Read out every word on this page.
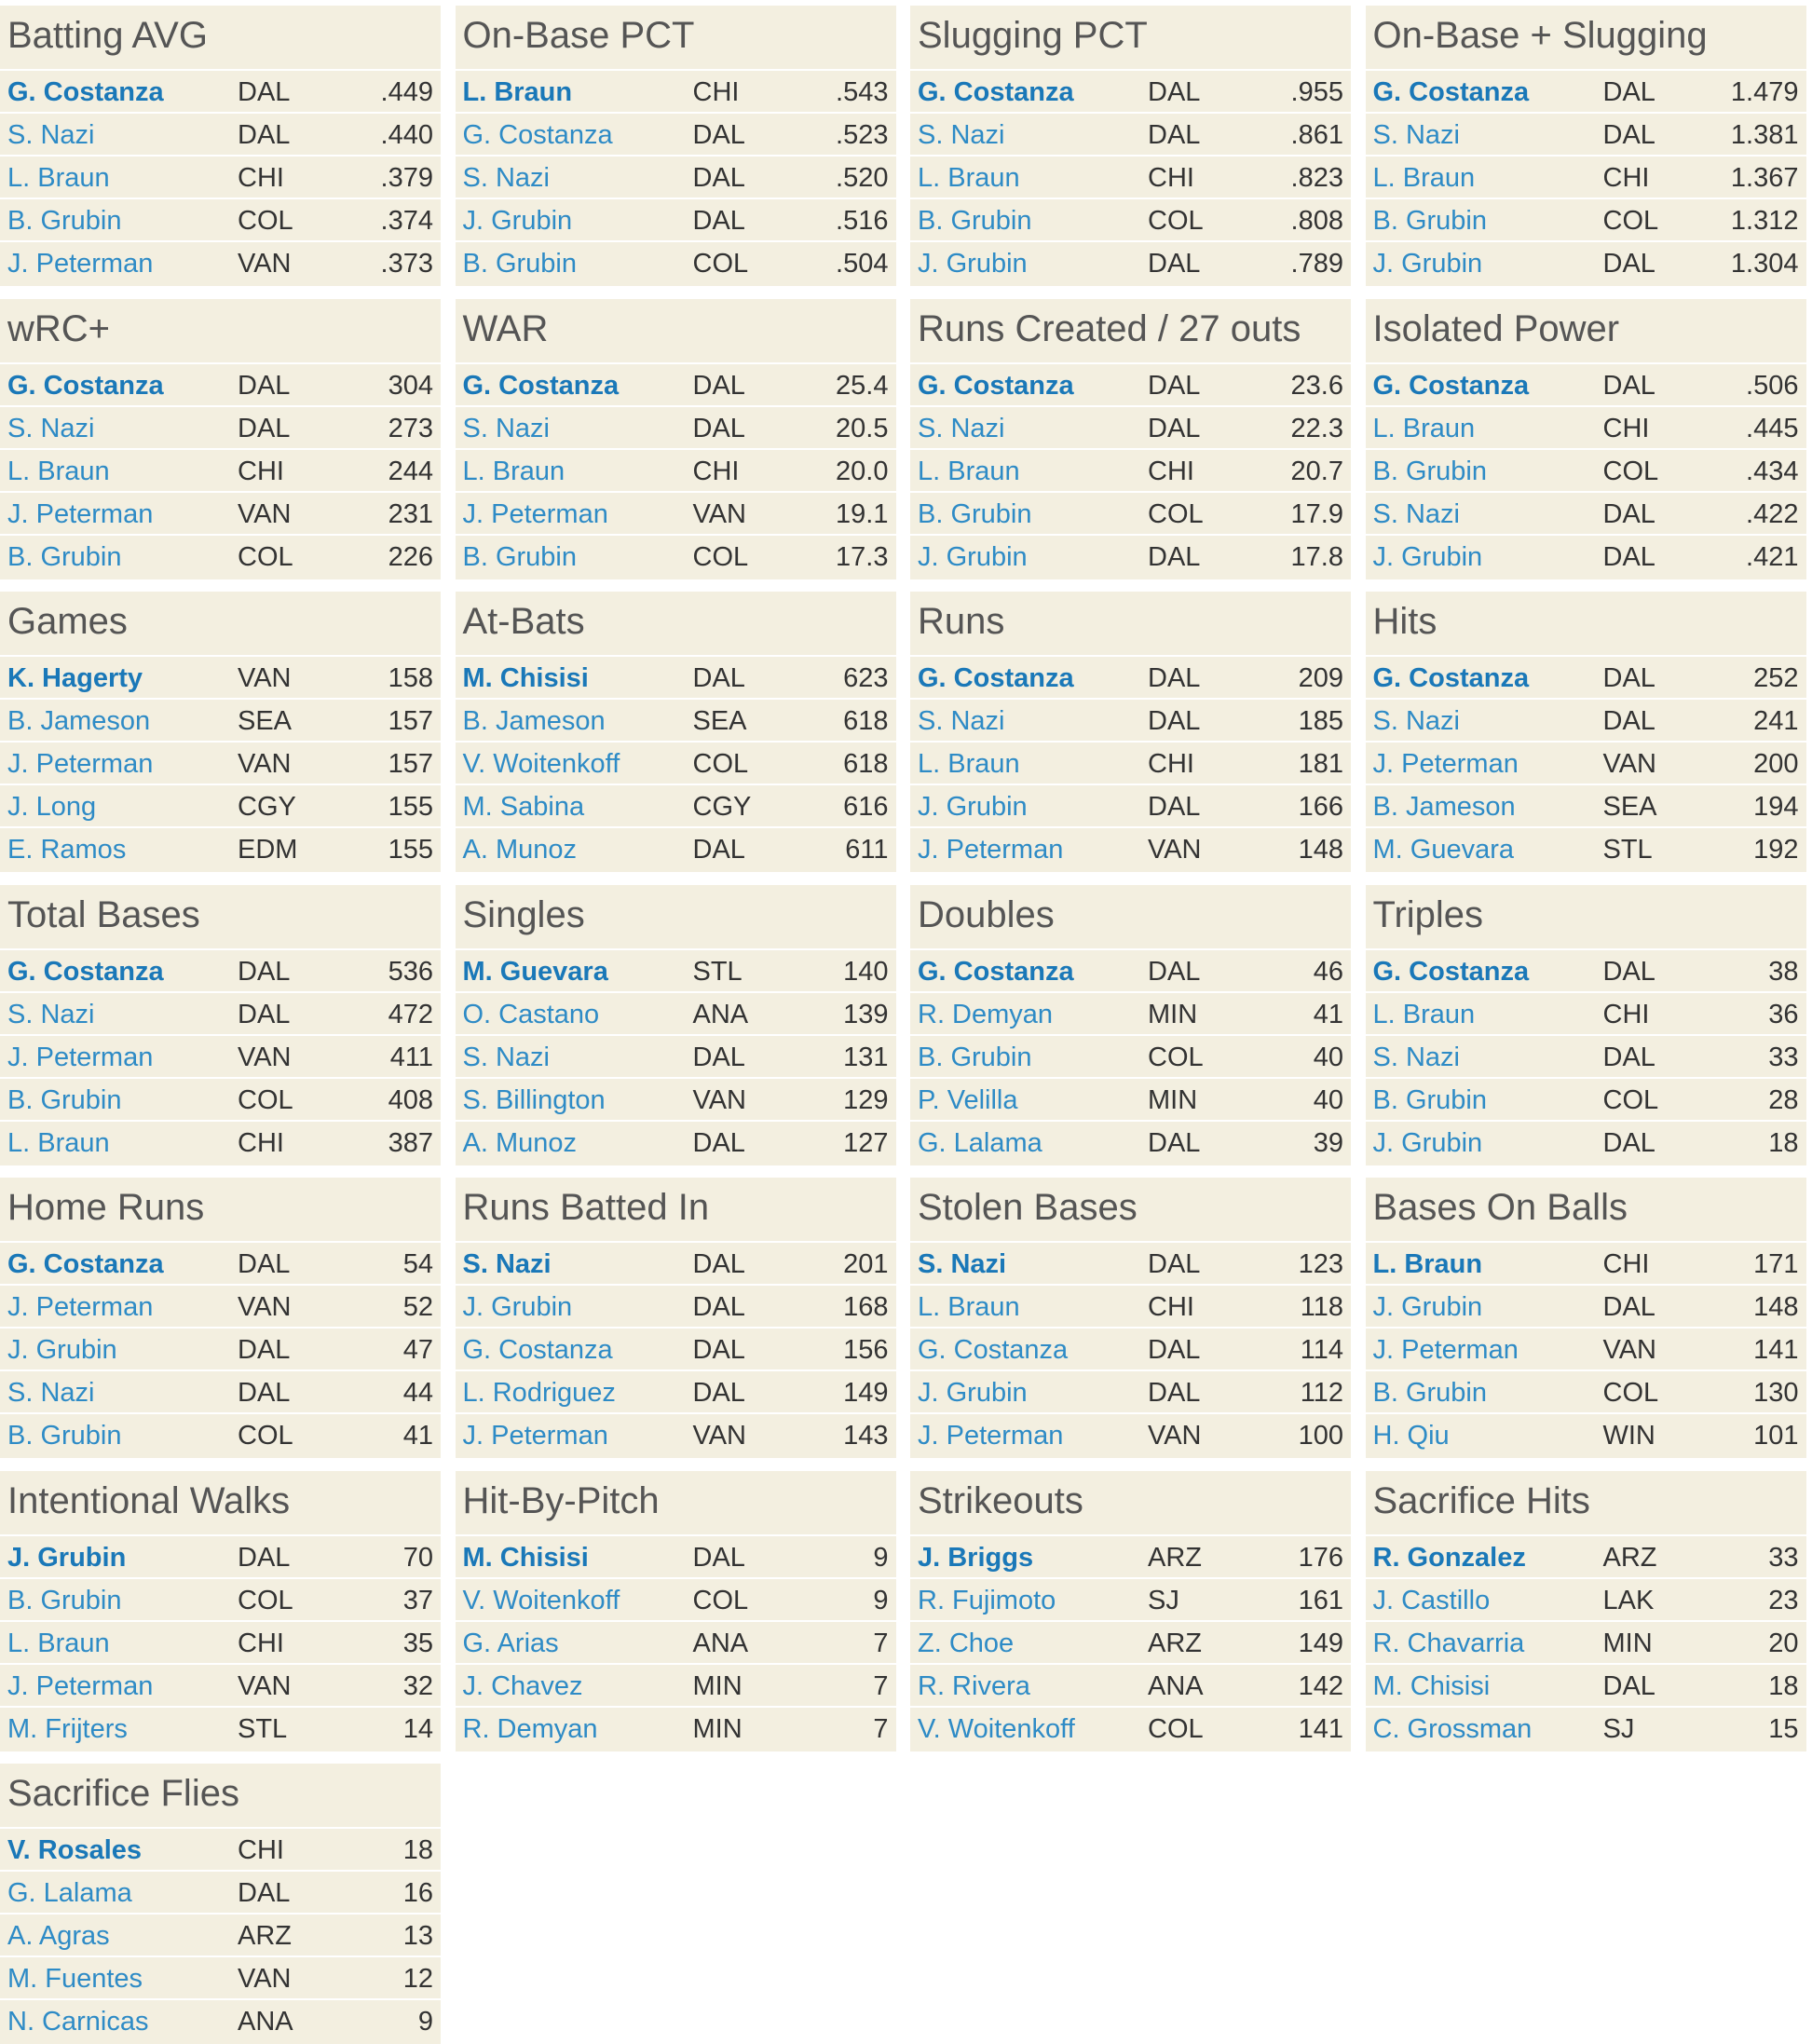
Batting AVG
G. Costanza	DAL	.449
S. Nazi	DAL	.440
L. Braun	CHI	.379
B. Grubin	COL	.374
J. Peterman	VAN	.373
On-Base PCT
L. Braun	CHI	.543
G. Costanza	DAL	.523
S. Nazi	DAL	.520
J. Grubin	DAL	.516
B. Grubin	COL	.504
Slugging PCT
G. Costanza	DAL	.955
S. Nazi	DAL	.861
L. Braun	CHI	.823
B. Grubin	COL	.808
J. Grubin	DAL	.789
On-Base + Slugging
G. Costanza	DAL	1.479
S. Nazi	DAL	1.381
L. Braun	CHI	1.367
B. Grubin	COL	1.312
J. Grubin	DAL	1.304
wRC+
G. Costanza	DAL	304
S. Nazi	DAL	273
L. Braun	CHI	244
J. Peterman	VAN	231
B. Grubin	COL	226
WAR
G. Costanza	DAL	25.4
S. Nazi	DAL	20.5
L. Braun	CHI	20.0
J. Peterman	VAN	19.1
B. Grubin	COL	17.3
Runs Created / 27 outs
G. Costanza	DAL	23.6
S. Nazi	DAL	22.3
L. Braun	CHI	20.7
B. Grubin	COL	17.9
J. Grubin	DAL	17.8
Isolated Power
G. Costanza	DAL	.506
L. Braun	CHI	.445
B. Grubin	COL	.434
S. Nazi	DAL	.422
J. Grubin	DAL	.421
Games
K. Hagerty	VAN	158
B. Jameson	SEA	157
J. Peterman	VAN	157
J. Long	CGY	155
E. Ramos	EDM	155
At-Bats
M. Chisisi	DAL	623
B. Jameson	SEA	618
V. Woitenkoff	COL	618
M. Sabina	CGY	616
A. Munoz	DAL	611
Runs
G. Costanza	DAL	209
S. Nazi	DAL	185
L. Braun	CHI	181
J. Grubin	DAL	166
J. Peterman	VAN	148
Hits
G. Costanza	DAL	252
S. Nazi	DAL	241
J. Peterman	VAN	200
B. Jameson	SEA	194
M. Guevara	STL	192
Total Bases
G. Costanza	DAL	536
S. Nazi	DAL	472
J. Peterman	VAN	411
B. Grubin	COL	408
L. Braun	CHI	387
Singles
M. Guevara	STL	140
O. Castano	ANA	139
S. Nazi	DAL	131
S. Billington	VAN	129
A. Munoz	DAL	127
Doubles
G. Costanza	DAL	46
R. Demyan	MIN	41
B. Grubin	COL	40
P. Velilla	MIN	40
G. Lalama	DAL	39
Triples
G. Costanza	DAL	38
L. Braun	CHI	36
S. Nazi	DAL	33
B. Grubin	COL	28
J. Grubin	DAL	18
Home Runs
G. Costanza	DAL	54
J. Peterman	VAN	52
J. Grubin	DAL	47
S. Nazi	DAL	44
B. Grubin	COL	41
Runs Batted In
S. Nazi	DAL	201
J. Grubin	DAL	168
G. Costanza	DAL	156
L. Rodriguez	DAL	149
J. Peterman	VAN	143
Stolen Bases
S. Nazi	DAL	123
L. Braun	CHI	118
G. Costanza	DAL	114
J. Grubin	DAL	112
J. Peterman	VAN	100
Bases On Balls
L. Braun	CHI	171
J. Grubin	DAL	148
J. Peterman	VAN	141
B. Grubin	COL	130
H. Qiu	WIN	101
Intentional Walks
J. Grubin	DAL	70
B. Grubin	COL	37
L. Braun	CHI	35
J. Peterman	VAN	32
M. Frijters	STL	14
Hit-By-Pitch
M. Chisisi	DAL	9
V. Woitenkoff	COL	9
G. Arias	ANA	7
J. Chavez	MIN	7
R. Demyan	MIN	7
Strikeouts
J. Briggs	ARZ	176
R. Fujimoto	SJ	161
Z. Choe	ARZ	149
R. Rivera	ANA	142
V. Woitenkoff	COL	141
Sacrifice Hits
R. Gonzalez	ARZ	33
J. Castillo	LAK	23
R. Chavarria	MIN	20
M. Chisisi	DAL	18
C. Grossman	SJ	15
Sacrifice Flies
V. Rosales	CHI	18
G. Lalama	DAL	16
A. Agras	ARZ	13
M. Fuentes	VAN	12
N. Carnicas	ANA	9
